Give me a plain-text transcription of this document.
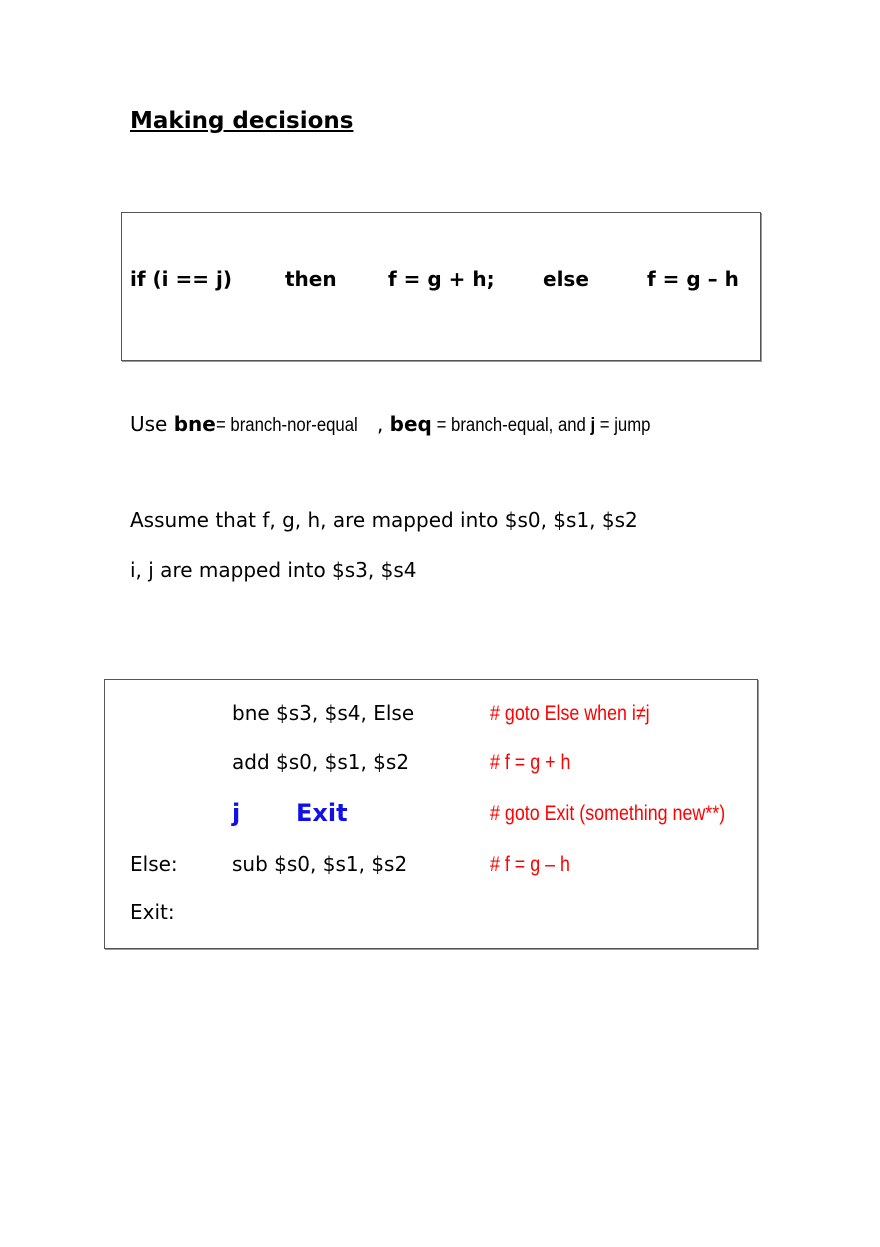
Making decisions
if (i == j)	then	f = g + h; else	f = g – h
Use bne= branch-nor-equal , beq = branch-equal, and j = jump
Assume that f, g, h, are mapped into $s0, $s1, $s2
i, j are mapped into $s3, $s4
bne $s3, $s4, Else	# goto Else when i≠j
add $s0, $s1, $s2	# f = g + h
j Exit	# goto Exit (something new**)
Else:	sub $s0, $s1, $s2	# f = g – h
Exit:
